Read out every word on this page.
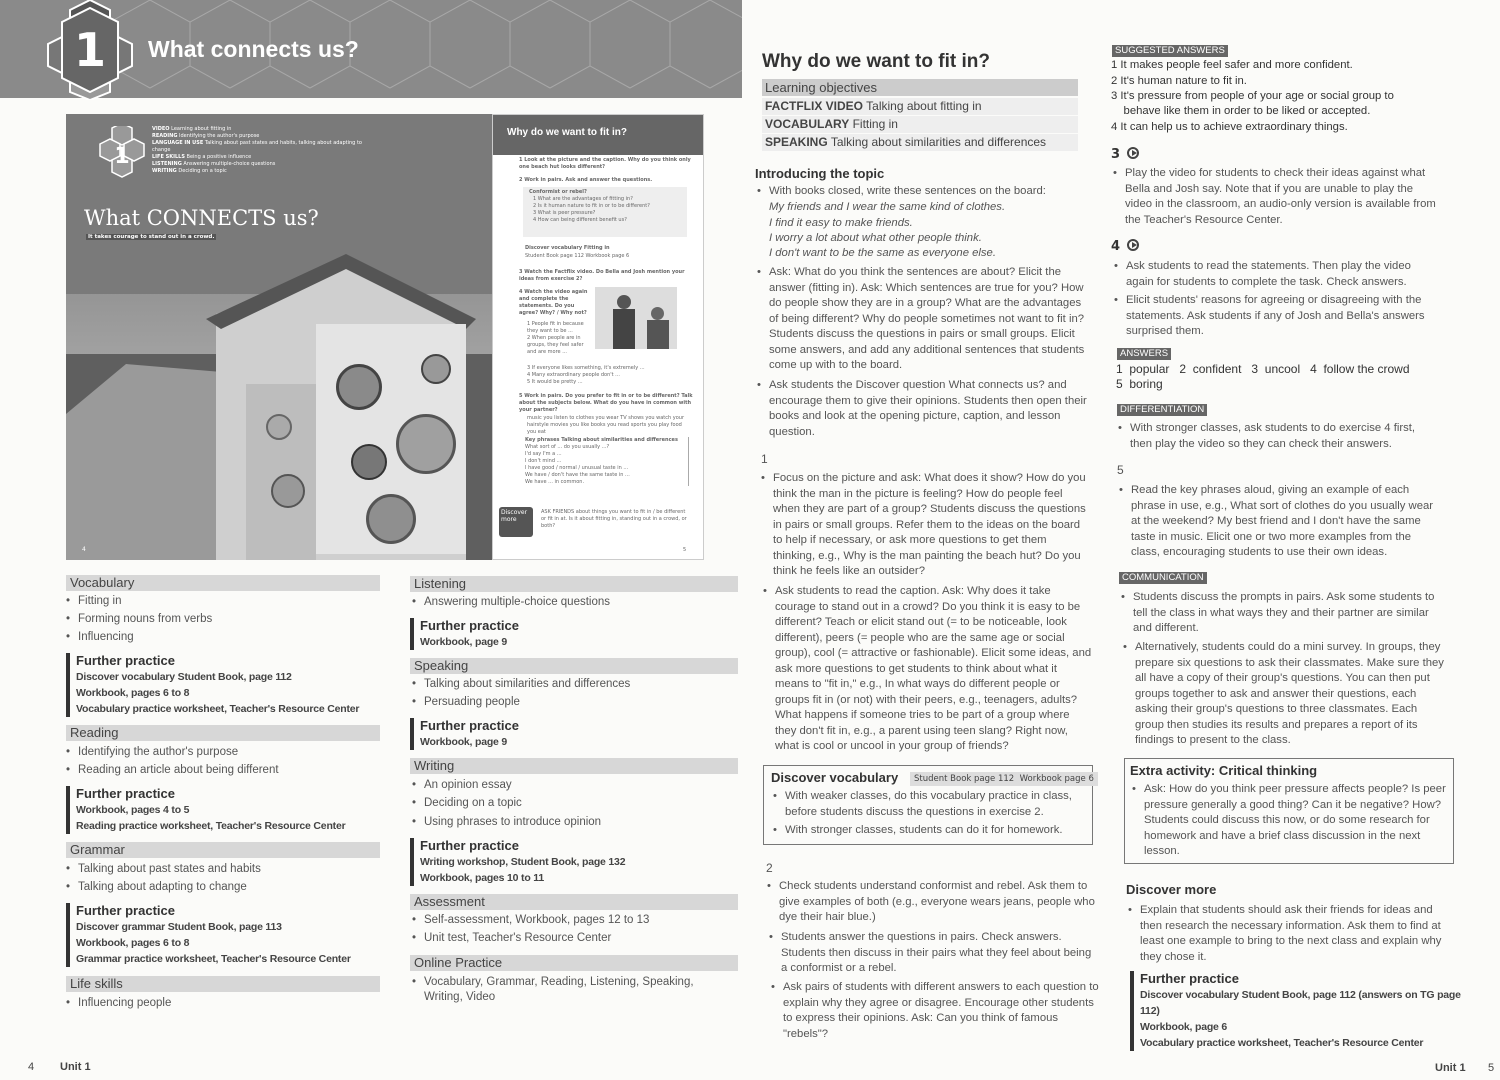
1 What connects us?
1
VIDEO Learning about fitting in
READING Identifying the author's purpose
LANGUAGE IN USE Talking about past states and habits, talking about adapting to change
LIFE SKILLS Being a positive influence
LISTENING Answering multiple-choice questions
WRITING Deciding on a topic
What CONNECTS us?
It takes courage to stand out in a crowd.
4
Why do we want to fit in?
1 Look at the picture and the caption. Why do you think only one beach hut looks different?
2 Work in pairs. Ask and answer the questions.
Conformist or rebel?
1 What are the advantages of fitting in?
2 Is it human nature to fit in or to be different?
3 What is peer pressure?
4 How can being different benefit us?
Discover vocabulary Fitting in
Student Book page 112 Workbook page 6
3 Watch the Factflix video. Do Bella and Josh mention your ideas from exercise 2?
4 Watch the video again and complete the statements. Do you agree? Why? / Why not?
1 People fit in because they want to be ...
2 When people are in groups, they feel safer and are more ...
3 If everyone likes something, it's extremely ...
4 Many extraordinary people don't ...
5 It would be pretty ...
5 Work in pairs. Do you prefer to fit in or to be different? Talk about the subjects below. What do you have in common with your partner?
music you listen to clothes you wear TV shows you watch your hairstyle movies you like books you read sports you play food you eat
Key phrases Talking about similarities and differences
What sort of ... do you usually ...?
I'd say I'm a ...
I don't mind ...
I have good / normal / unusual taste in ...
We have / don't have the same taste in ...
We have ... in common.
Discover more
ASK FRIENDS about things you want to fit in / be different or fit in at. Is it about fitting in, standing out in a crowd, or both?
5
Vocabulary
• Fitting in
• Forming nouns from verbs
• Influencing
Further practice
Discover vocabulary Student Book, page 112
Workbook, pages 6 to 8
Vocabulary practice worksheet, Teacher's Resource Center
Reading
• Identifying the author's purpose
• Reading an article about being different
Further practice
Workbook, pages 4 to 5
Reading practice worksheet, Teacher's Resource Center
Grammar
• Talking about past states and habits
• Talking about adapting to change
Further practice
Discover grammar Student Book, page 113
Workbook, pages 6 to 8
Grammar practice worksheet, Teacher's Resource Center
Life skills
• Influencing people
Listening
• Answering multiple-choice questions
Further practice
Workbook, page 9
Speaking
• Talking about similarities and differences
• Persuading people
Further practice
Workbook, page 9
Writing
• An opinion essay
• Deciding on a topic
• Using phrases to introduce opinion
Further practice
Writing workshop, Student Book, page 132
Workbook, pages 10 to 11
Assessment
• Self-assessment, Workbook, pages 12 to 13
• Unit test, Teacher's Resource Center
Online Practice
• Vocabulary, Grammar, Reading, Listening, Speaking, Writing, Video
4 Unit 1
Why do we want to fit in?
Learning objectives
FACTFLIX VIDEO Talking about fitting in
VOCABULARY Fitting in
SPEAKING Talking about similarities and differences
Introducing the topic
• With books closed, write these sentences on the board:
My friends and I wear the same kind of clothes.
I find it easy to make friends.
I worry a lot about what other people think.
I don't want to be the same as everyone else.
• Ask: What do you think the sentences are about? Elicit the answer (fitting in). Ask: Which sentences are true for you? How do people show they are in a group? What are the advantages of being different? Why do people sometimes not want to fit in? Students discuss the questions in pairs or small groups. Elicit some answers, and add any additional sentences that students come up with to the board.
• Ask students the Discover question What connects us? and encourage them to give their opinions. Students then open their books and look at the opening picture, caption, and lesson question.
1
• Focus on the picture and ask: What does it show? How do you think the man in the picture is feeling? How do people feel when they are part of a group? Students discuss the questions in pairs or small groups. Refer them to the ideas on the board to help if necessary, or ask more questions to get them thinking, e.g., Why is the man painting the beach hut? Do you think he feels like an outsider?
• Ask students to read the caption. Ask: Why does it take courage to stand out in a crowd? Do you think it is easy to be different? Teach or elicit stand out (= to be noticeable, look different), peers (= people who are the same age or social group), cool (= attractive or fashionable). Elicit some ideas, and ask more questions to get students to think about what it means to "fit in," e.g., In what ways do different people or groups fit in (or not) with their peers, e.g., teenagers, adults? What happens if someone tries to be part of a group where they don't fit in, e.g., a parent using teen slang? Right now, what is cool or uncool in your group of friends?
Discover vocabulary	Student Book page 112 Workbook page 6
• With weaker classes, do this vocabulary practice in class, before students discuss the questions in exercise 2.
• With stronger classes, students can do it for homework.
2
• Check students understand conformist and rebel. Ask them to give examples of both (e.g., everyone wears jeans, people who dye their hair blue.)
• Students answer the questions in pairs. Check answers. Students then discuss in their pairs what they feel about being a conformist or a rebel.
• Ask pairs of students with different answers to each question to explain why they agree or disagree. Encourage other students to express their opinions. Ask: Can you think of famous "rebels"?
SUGGESTED ANSWERS
1 It makes people feel safer and more confident.
2 It's human nature to fit in.
3 It's pressure from people of your age or social group to
behave like them in order to be liked or accepted.
4 It can help us to achieve extraordinary things.
3
• Play the video for students to check their ideas against what Bella and Josh say. Note that if you are unable to play the video in the classroom, an audio-only version is available from the Teacher's Resource Center.
4
• Ask students to read the statements. Then play the video again for students to complete the task. Check answers.
• Elicit students' reasons for agreeing or disagreeing with the statements. Ask students if any of Josh and Bella's answers surprised them.
ANSWERS
1  popular   2  confident   3  uncool   4  follow the crowd
5  boring
DIFFERENTIATION
• With stronger classes, ask students to do exercise 4 first, then play the video so they can check their answers.
5
• Read the key phrases aloud, giving an example of each phrase in use, e.g., What sort of clothes do you usually wear at the weekend? My best friend and I don't have the same taste in music. Elicit one or two more examples from the class, encouraging students to use their own ideas.
COMMUNICATION
• Students discuss the prompts in pairs. Ask some students to tell the class in what ways they and their partner are similar and different.
• Alternatively, students could do a mini survey. In groups, they prepare six questions to ask their classmates. Make sure they all have a copy of their group's questions. You can then put groups together to ask and answer their questions, each asking their group's questions to three classmates. Each group then studies its results and prepares a report of its findings to present to the class.
Extra activity: Critical thinking
• Ask: How do you think peer pressure affects people? Is peer pressure generally a good thing? Can it be negative? How? Students could discuss this now, or do some research for homework and have a brief class discussion in the next lesson.
Discover more
• Explain that students should ask their friends for ideas and then research the necessary information. Ask them to find at least one example to bring to the next class and explain why they chose it.
Further practice
Discover vocabulary Student Book, page 112 (answers on TG page 112)
Workbook, page 6
Vocabulary practice worksheet, Teacher's Resource Center
Unit 1 5
